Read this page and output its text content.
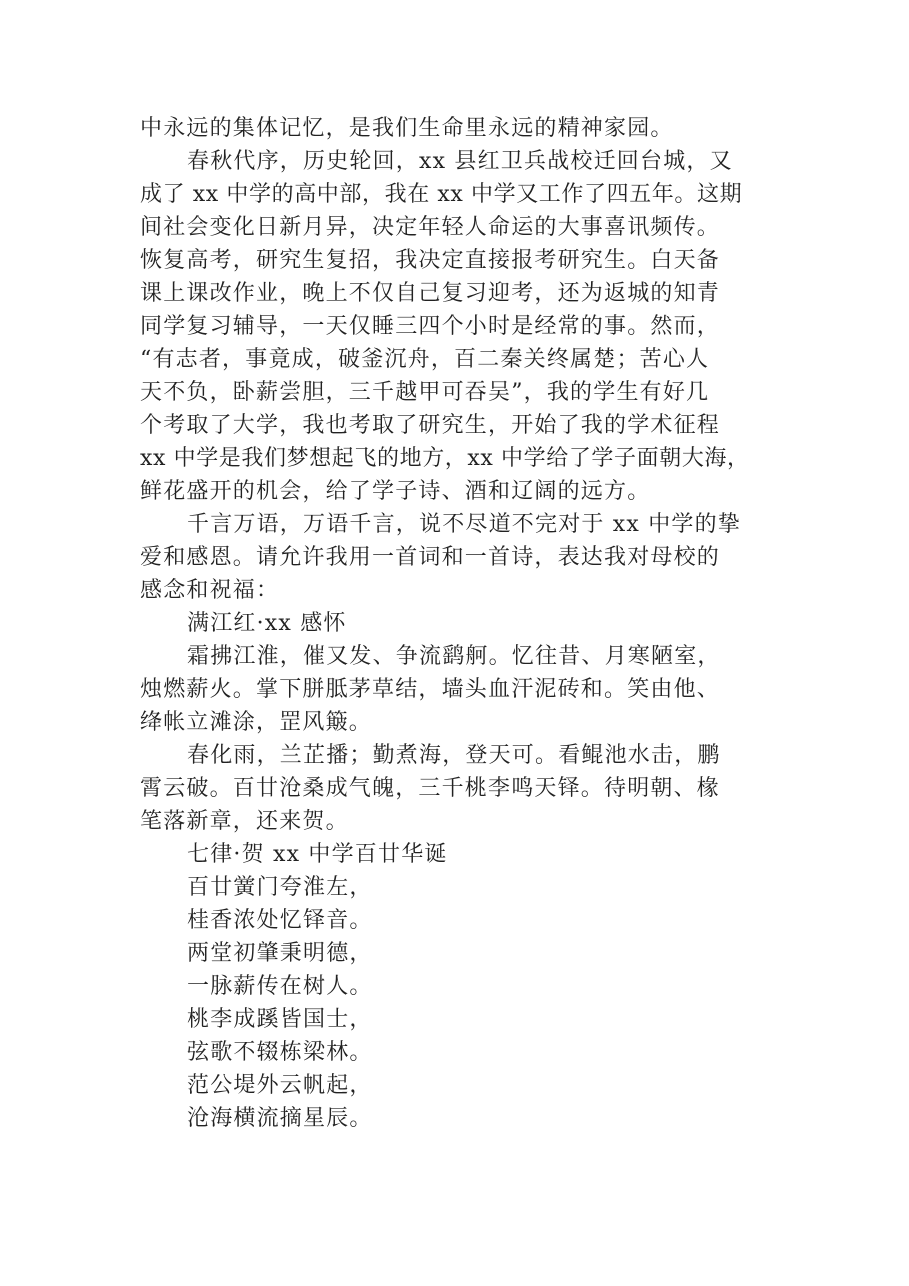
中永远的集体记忆，是我们生命里永远的精神家园。
春秋代序，历史轮回，xx 县红卫兵战校迁回台城，又
成了 xx 中学的高中部，我在 xx 中学又工作了四五年。这期
间社会变化日新月异，决定年轻人命运的大事喜讯频传。
恢复高考，研究生复招，我决定直接报考研究生。白天备
课上课改作业，晚上不仅自己复习迎考，还为返城的知青
同学复习辅导，一天仅睡三四个小时是经常的事。然而，
“有志者，事竟成，破釜沉舟，百二秦关终属楚；苦心人
天不负，卧薪尝胆，三千越甲可吞吴”，我的学生有好几
个考取了大学，我也考取了研究生，开始了我的学术征程
xx 中学是我们梦想起飞的地方，xx 中学给了学子面朝大海，
鲜花盛开的机会，给了学子诗、酒和辽阔的远方。
千言万语，万语千言，说不尽道不完对于 xx 中学的挚
爱和感恩。请允许我用一首词和一首诗，表达我对母校的
感念和祝福：
满江红·xx 感怀
霜拂江淮，催又发、争流鹞舸。忆往昔、月寒陋室，
烛燃薪火。掌下胼胝茅草结，墙头血汗泥砖和。笑由他、
绛帐立滩涂，罡风簸。
春化雨，兰芷播；勤煮海，登天可。看鲲池水击，鹏
霄云破。百廿沧桑成气魄，三千桃李鸣天铎。待明朝、椽
笔落新章，还来贺。
七律·贺 xx 中学百廿华诞
百廿黉门夸淮左，
桂香浓处忆铎音。
两堂初肇秉明德，
一脉薪传在树人。
桃李成蹊皆国士，
弦歌不辍栋梁林。
范公堤外云帆起，
沧海横流摘星辰。
